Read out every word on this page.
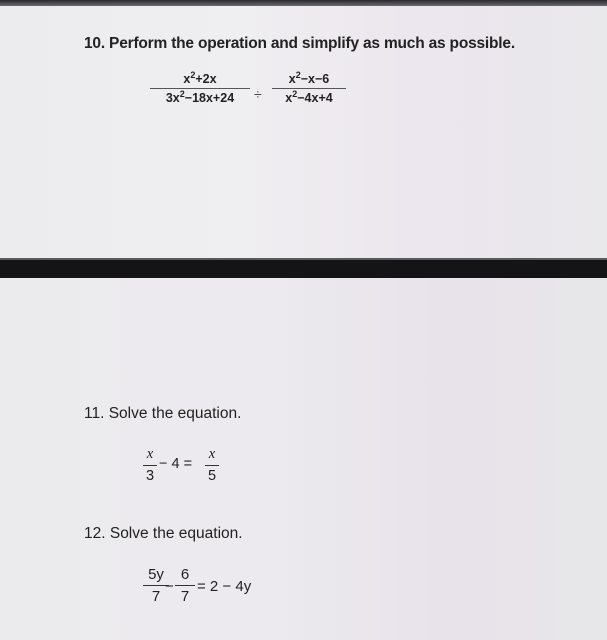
10. Perform the operation and simplify as much as possible.
$x^2+2x$
$3x^2-18x+24$	÷
$x^2-x-6$
$x^2-4x+4$
11. Solve the equation.
x
3
− 4 =
x
5
12. Solve the equation.
5y
7
−
6
7
= 2 − 4y
